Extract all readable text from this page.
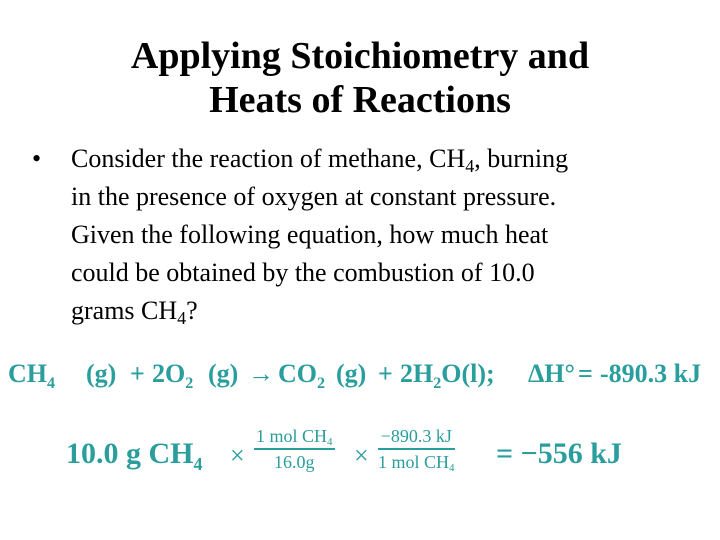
Applying Stoichiometry and
Heats of Reactions
•	Consider the reaction of methane, $CH_4$, burning
in the presence of oxygen at constant pressure.
Given the following equation, how much heat
could be obtained by the combustion of 10.0
grams $CH_4$?
$CH_4$ $(g) + 2O_2$ $(g) \to CO_2$ $(g) + 2H_2O(l)$; ΔH° = -890.3 kJ
10.0 g $CH_4$ ×
1 mol $CH_4$
16.0g	×
−890.3 kJ
1 mol $CH_4 = -556$ kJ
